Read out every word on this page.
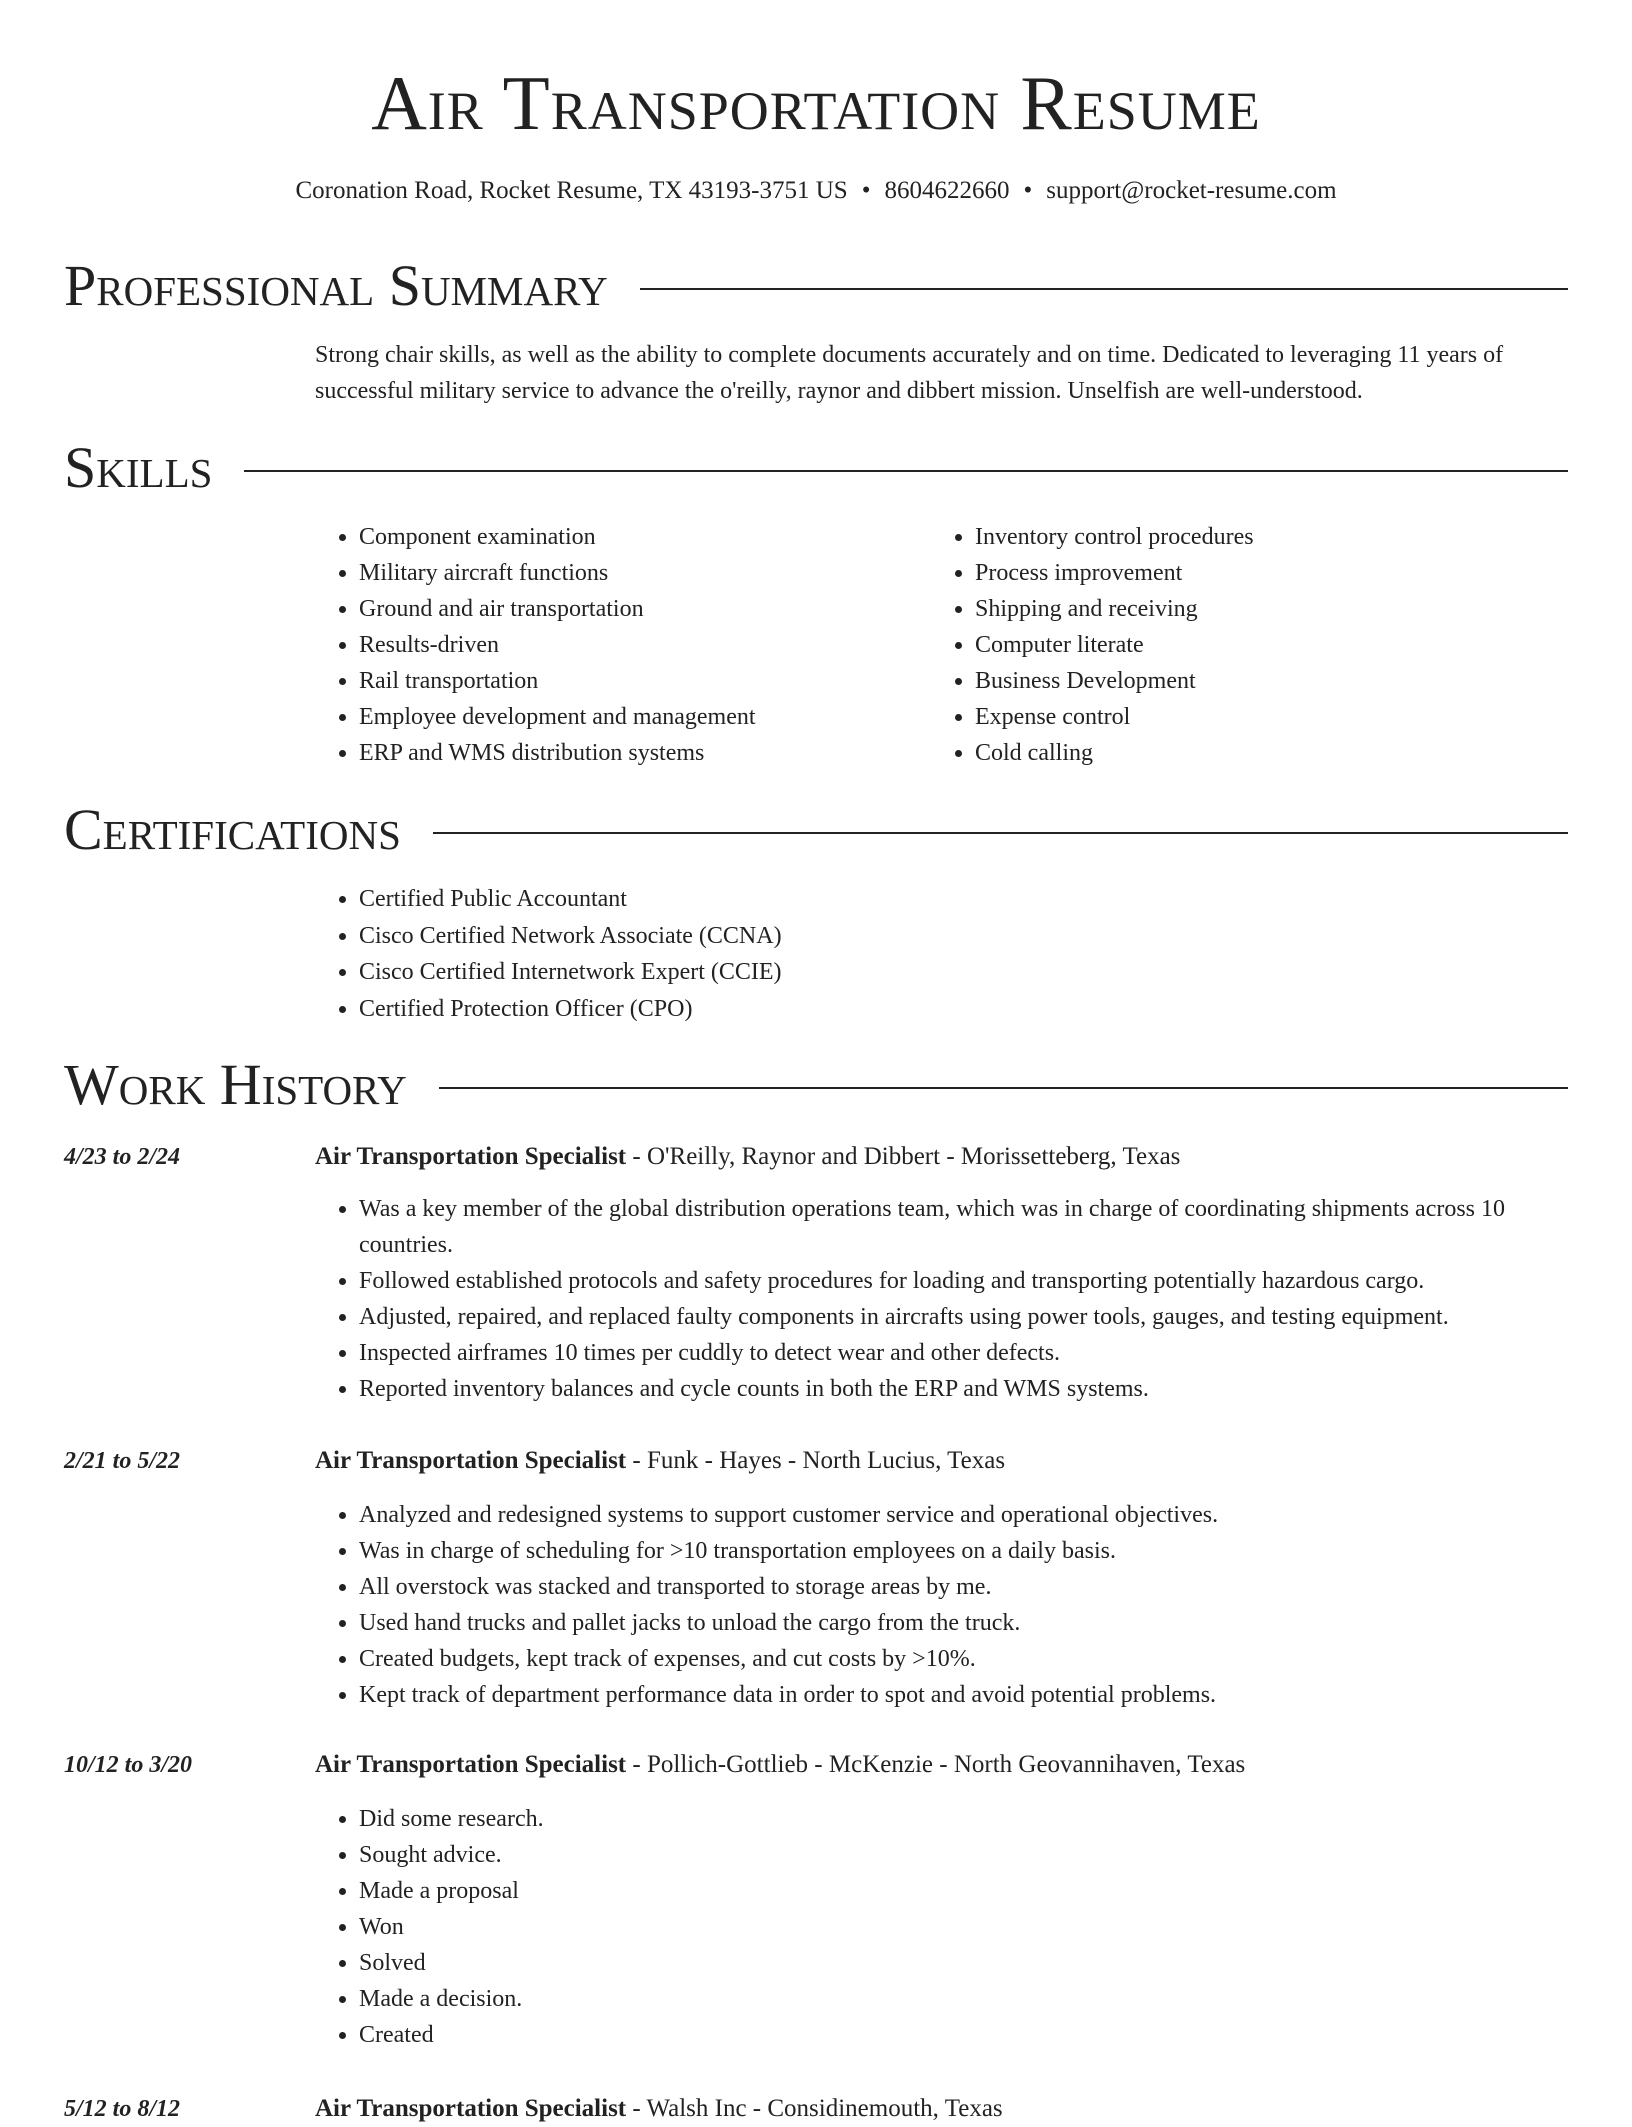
Air Transportation Resume
Coronation Road, Rocket Resume, TX 43193-3751 US • 8604622660 • support@rocket-resume.com
Professional Summary

Strong chair skills, as well as the ability to complete documents accurately and on time. Dedicated to leveraging 11 years of successful military service to advance the o'reilly, raynor and dibbert mission. Unselfish are well-understood.

Skills
• Component examination
• Military aircraft functions
• Ground and air transportation
• Results-driven
• Rail transportation
• Employee development and management
• ERP and WMS distribution systems
• Inventory control procedures
• Process improvement
• Shipping and receiving
• Computer literate
• Business Development
• Expense control
• Cold calling
Certifications
• Certified Public Accountant
• Cisco Certified Network Associate (CCNA)
• Cisco Certified Internetwork Expert (CCIE)
• Certified Protection Officer (CPO)
Work History
4/23 to 2/24	Air Transportation Specialist - O'Reilly, Raynor and Dibbert - Morissetteberg, Texas
• Was a key member of the global distribution operations team, which was in charge of coordinating shipments across 10 countries.
• Followed established protocols and safety procedures for loading and transporting potentially hazardous cargo.
• Adjusted, repaired, and replaced faulty components in aircrafts using power tools, gauges, and testing equipment.
• Inspected airframes 10 times per cuddly to detect wear and other defects.
• Reported inventory balances and cycle counts in both the ERP and WMS systems.
2/21 to 5/22	Air Transportation Specialist - Funk - Hayes - North Lucius, Texas
• Analyzed and redesigned systems to support customer service and operational objectives.
• Was in charge of scheduling for >10 transportation employees on a daily basis.
• All overstock was stacked and transported to storage areas by me.
• Used hand trucks and pallet jacks to unload the cargo from the truck.
• Created budgets, kept track of expenses, and cut costs by >10%.
• Kept track of department performance data in order to spot and avoid potential problems.
10/12 to 3/20	Air Transportation Specialist - Pollich-Gottlieb - McKenzie - North Geovannihaven, Texas
• Did some research.
• Sought advice.
• Made a proposal
• Won
• Solved
• Made a decision.
• Created
5/12 to 8/12	Air Transportation Specialist - Walsh Inc - Considinemouth, Texas
